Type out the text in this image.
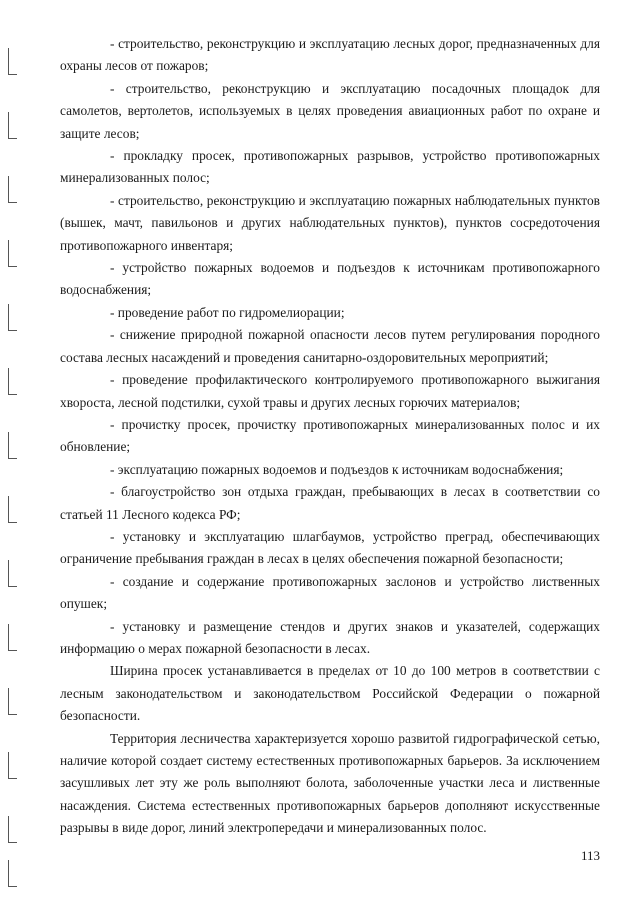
- строительство, реконструкцию и эксплуатацию лесных дорог, предназначенных для охраны лесов от пожаров;

- строительство, реконструкцию и эксплуатацию посадочных площадок для самолетов, вертолетов, используемых в целях проведения авиационных работ по охране и защите лесов;

- прокладку просек, противопожарных разрывов, устройство противопожарных минерализованных полос;

- строительство, реконструкцию и эксплуатацию пожарных наблюдательных пунктов (вышек, мачт, павильонов и других наблюдательных пунктов), пунктов сосредоточения противопожарного инвентаря;

- устройство пожарных водоемов и подъездов к источникам противопожарного водоснабжения;

- проведение работ по гидромелиорации;

- снижение природной пожарной опасности лесов путем регулирования породного состава лесных насаждений и проведения санитарно-оздоровительных мероприятий;

- проведение профилактического контролируемого противопожарного выжигания хвороста, лесной подстилки, сухой травы и других лесных горючих материалов;

- прочистку просек, прочистку противопожарных минерализованных полос и их обновление;

- эксплуатацию пожарных водоемов и подъездов к источникам водоснабжения;

- благоустройство зон отдыха граждан, пребывающих в лесах в соответствии со статьей 11 Лесного кодекса РФ;

- установку и эксплуатацию шлагбаумов, устройство преград, обеспечивающих ограничение пребывания граждан в лесах в целях обеспечения пожарной безопасности;

- создание и содержание противопожарных заслонов и устройство лиственных опушек;

- установку и размещение стендов и других знаков и указателей, содержащих информацию о мерах пожарной безопасности в лесах.

Ширина просек устанавливается в пределах от 10 до 100 метров в соответствии с лесным законодательством и законодательством Российской Федерации о пожарной безопасности.

Территория лесничества характеризуется хорошо развитой гидрографической сетью, наличие которой создает систему естественных противопожарных барьеров. За исключением засушливых лет эту же роль выполняют болота, заболоченные участки леса и лиственные насаждения. Система естественных противопожарных барьеров дополняют искусственные разрывы в виде дорог, линий электропередачи и минерализованных полос.

113
